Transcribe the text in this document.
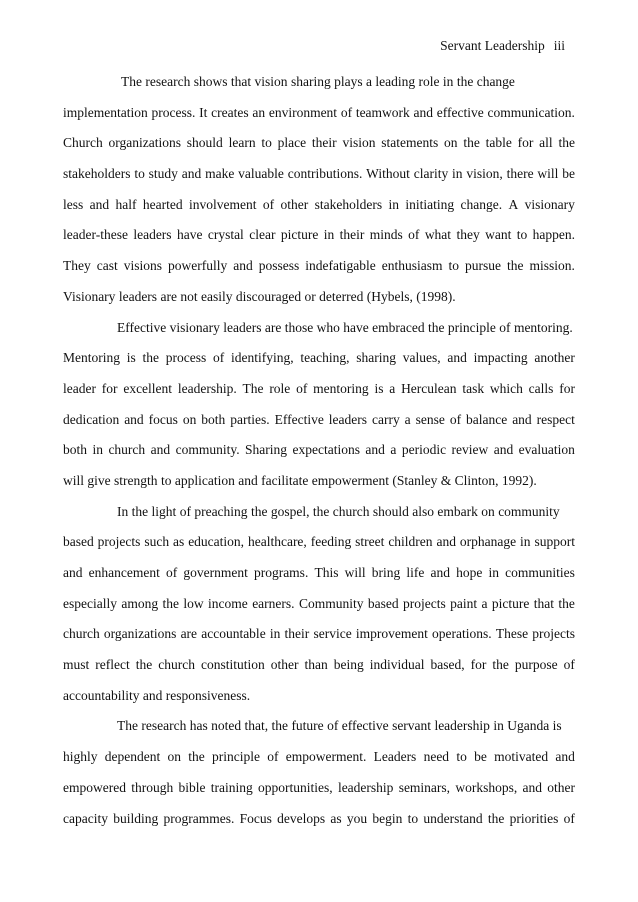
Servant Leadership iii
The research shows that vision sharing plays a leading role in the change
implementation process. It creates an environment of teamwork and effective communication.
Church organizations should learn to place their vision statements on the table for all the
stakeholders to study and make valuable contributions. Without clarity in vision, there will be
less and half hearted involvement of other stakeholders in initiating change. A visionary
leader-these leaders have crystal clear picture in their minds of what they want to happen.
They cast visions powerfully and possess indefatigable enthusiasm to pursue the mission.
Visionary leaders are not easily discouraged or deterred (Hybels, (1998).
Effective visionary leaders are those who have embraced the principle of mentoring.
Mentoring is the process of identifying, teaching, sharing values, and impacting another
leader for excellent leadership. The role of mentoring is a Herculean task which calls for
dedication and focus on both parties. Effective leaders carry a sense of balance and respect
both in church and community. Sharing expectations and a periodic review and evaluation
will give strength to application and facilitate empowerment (Stanley & Clinton, 1992).
In the light of preaching the gospel, the church should also embark on community
based projects such as education, healthcare, feeding street children and orphanage in support
and enhancement of government programs. This will bring life and hope in communities
especially among the low income earners. Community based projects paint a picture that the
church organizations are accountable in their service improvement operations. These projects
must reflect the church constitution other than being individual based, for the purpose of
accountability and responsiveness.
The research has noted that, the future of effective servant leadership in Uganda is
highly dependent on the principle of empowerment. Leaders need to be motivated and
empowered through bible training opportunities, leadership seminars, workshops, and other
capacity building programmes. Focus develops as you begin to understand the priorities of
